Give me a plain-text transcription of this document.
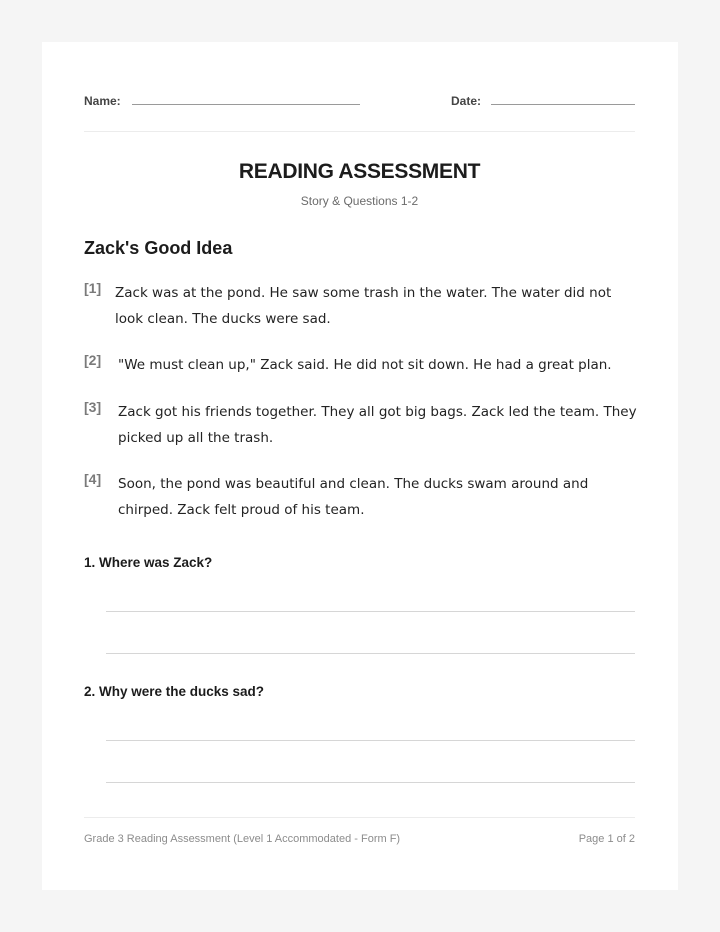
Name:	Date:
READING ASSESSMENT
Story & Questions 1-2
Zack's Good Idea
[1] Zack was at the pond. He saw some trash in the water. The water did not look clean. The ducks were sad.
[2] "We must clean up," Zack said. He did not sit down. He had a great plan.
[3] Zack got his friends together. They all got big bags. Zack led the team. They picked up all the trash.
[4] Soon, the pond was beautiful and clean. The ducks swam around and chirped. Zack felt proud of his team.
1. Where was Zack?
2. Why were the ducks sad?
Grade 3 Reading Assessment (Level 1 Accommodated - Form F)	Page 1 of 2
